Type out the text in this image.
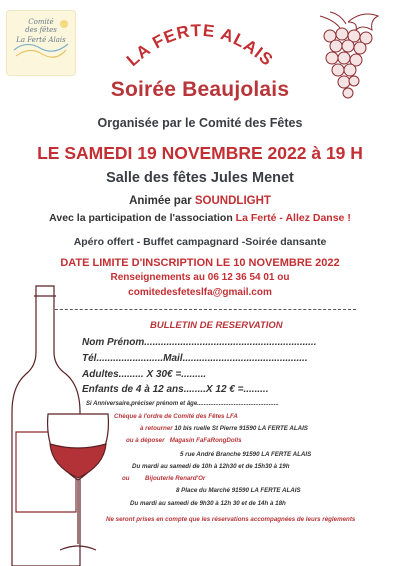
Comité
des fêtes
La Ferté Alais
LA FERTE ALAIS
Soirée Beaujolais
Organisée par le Comité des Fêtes
LE SAMEDI 19 NOVEMBRE 2022 à 19 H
Salle des fêtes Jules Menet
Animée par SOUNDLIGHT
Avec la participation de l'association La Ferté - Allez Danse !
Apéro offert - Buffet campagnard -Soirée dansante
DATE LIMITE D'INSCRIPTION LE 10 NOVEMBRE 2022
Renseignements au 06 12 36 54 01 ou
comitedesfeteslfa@gmail.com
BULLETIN DE RESERVATION
Nom Prénom..............................................................
Tél........................Mail.............................................
Adultes......... X 30€ =.........
Enfants de 4 à 12 ans........X 12 € =.........
Si Anniversaire,préciser prénom et âge.................................................
Chèque à l'ordre de Comité des Fêtes LFA
à retourner 10 bis ruelle St Pierre 91590 LA FERTE ALAIS
ou à déposer Magasin FaFaRongDolls
5 rue André Branche 91590 LA FERTE ALAIS
Du mardi au samedi de 10h à 12h30 et de 15h30 à 19h
ou Bijouterie Renard'Or
8 Place du Marché 91590 LA FERTE ALAIS
Du mardi au samedi de 9h30 à 12h 30 et de 14h à 18h
Ne seront prises en compte que les réservations accompagnées de leurs règlements
